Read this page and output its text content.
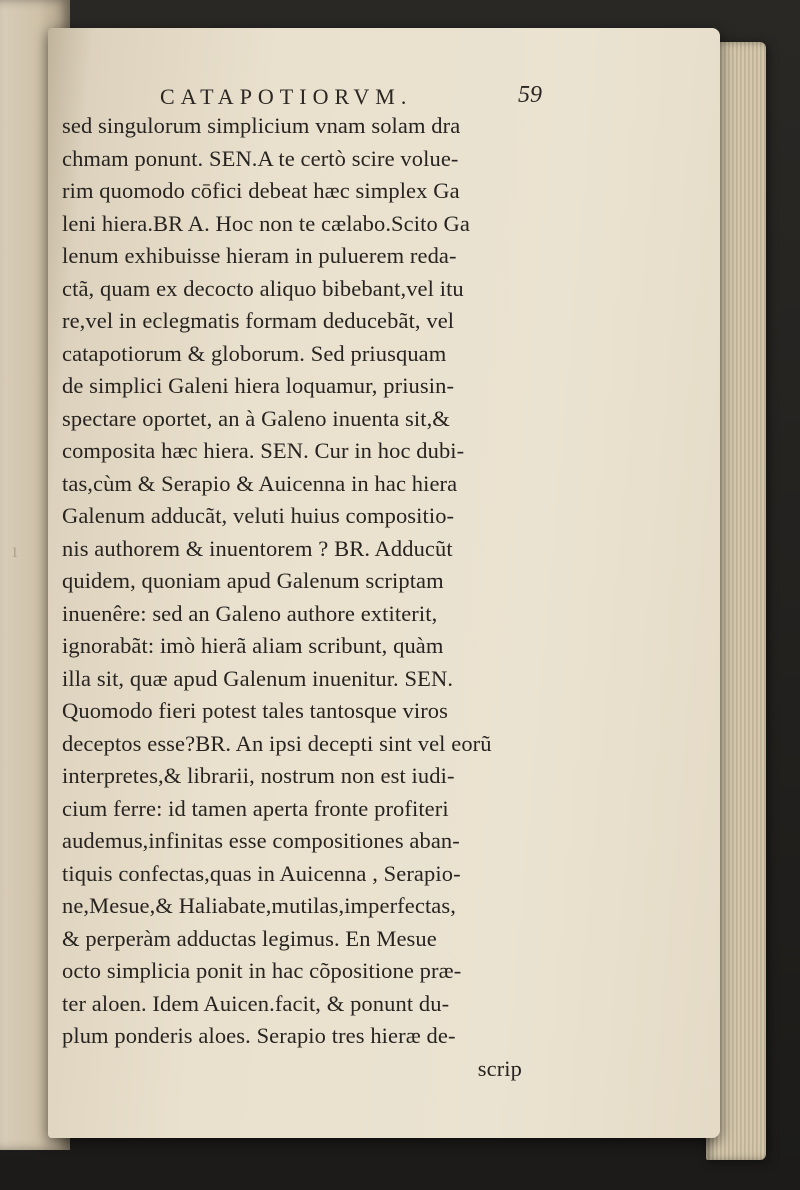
ı
CATAPOTIORVM.	59
sed singulorum simplicium vnam solam dra
chmam ponunt. SEN.A te certò scire volue-
rim quomodo cōfici debeat hæc simplex Ga
leni hiera.BR A. Hoc non te cælabo.Scito Ga
lenum exhibuisse hieram in puluerem reda-
ctã, quam ex decocto aliquo bibebant,vel itu
re,vel in eclegmatis formam deducebãt, vel
catapotiorum & globorum. Sed priusquam
de simplici Galeni hiera loquamur, priusin-
spectare oportet, an à Galeno inuenta sit,&
composita hæc hiera. SEN. Cur in hoc dubi-
tas,cùm & Serapio & Auicenna in hac hiera
Galenum adducãt, veluti huius compositio-
nis authorem & inuentorem ? BR. Adducũt
quidem, quoniam apud Galenum scriptam
inuenêre: sed an Galeno authore extiterit,
ignorabãt: imò hierã aliam scribunt, quàm
illa sit, quæ apud Galenum inuenitur. SEN.
Quomodo fieri potest tales tantosque viros
deceptos esse?BR. An ipsi decepti sint vel eorũ
interpretes,& librarii, nostrum non est iudi-
cium ferre: id tamen aperta fronte profiteri
audemus,infinitas esse compositiones aban-
tiquis confectas,quas in Auicenna , Serapio-
ne,Mesue,& Haliabate,mutilas,imperfectas,
& perperàm adductas legimus. En Mesue
octo simplicia ponit in hac cõpositione præ-
ter aloen. Idem Auicen.facit, & ponunt du-
plum ponderis aloes. Serapio tres hieræ de-
scrip
